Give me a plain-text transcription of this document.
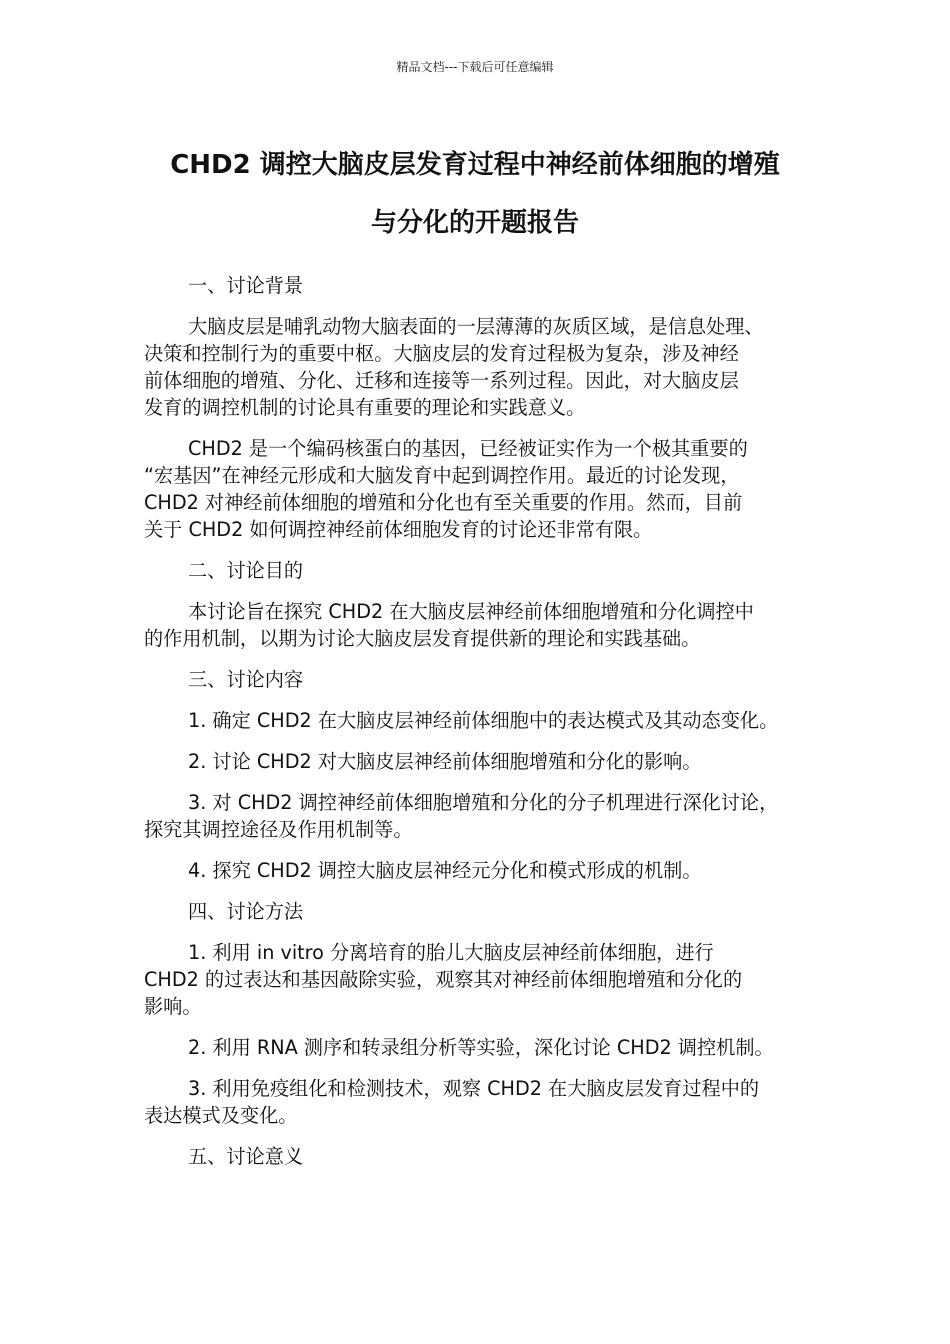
精品文档---下载后可任意编辑
CHD2 调控大脑皮层发育过程中神经前体细胞的增殖
与分化的开题报告

一、讨论背景

大脑皮层是哺乳动物大脑表面的一层薄薄的灰质区域，是信息处理、
决策和控制行为的重要中枢。大脑皮层的发育过程极为复杂，涉及神经
前体细胞的增殖、分化、迁移和连接等一系列过程。因此，对大脑皮层
发育的调控机制的讨论具有重要的理论和实践意义。

CHD2 是一个编码核蛋白的基因，已经被证实作为一个极其重要的
“宏基因”在神经元形成和大脑发育中起到调控作用。最近的讨论发现，
CHD2 对神经前体细胞的增殖和分化也有至关重要的作用。然而，目前
关于 CHD2 如何调控神经前体细胞发育的讨论还非常有限。

二、讨论目的

本讨论旨在探究 CHD2 在大脑皮层神经前体细胞增殖和分化调控中
的作用机制，以期为讨论大脑皮层发育提供新的理论和实践基础。

三、讨论内容

1. 确定 CHD2 在大脑皮层神经前体细胞中的表达模式及其动态变化。

2. 讨论 CHD2 对大脑皮层神经前体细胞增殖和分化的影响。

3. 对 CHD2 调控神经前体细胞增殖和分化的分子机理进行深化讨论，
探究其调控途径及作用机制等。

4. 探究 CHD2 调控大脑皮层神经元分化和模式形成的机制。

四、讨论方法

1. 利用 in vitro 分离培育的胎儿大脑皮层神经前体细胞，进行
CHD2 的过表达和基因敲除实验，观察其对神经前体细胞增殖和分化的
影响。

2. 利用 RNA 测序和转录组分析等实验，深化讨论 CHD2 调控机制。

3. 利用免疫组化和检测技术，观察 CHD2 在大脑皮层发育过程中的
表达模式及变化。

五、讨论意义
